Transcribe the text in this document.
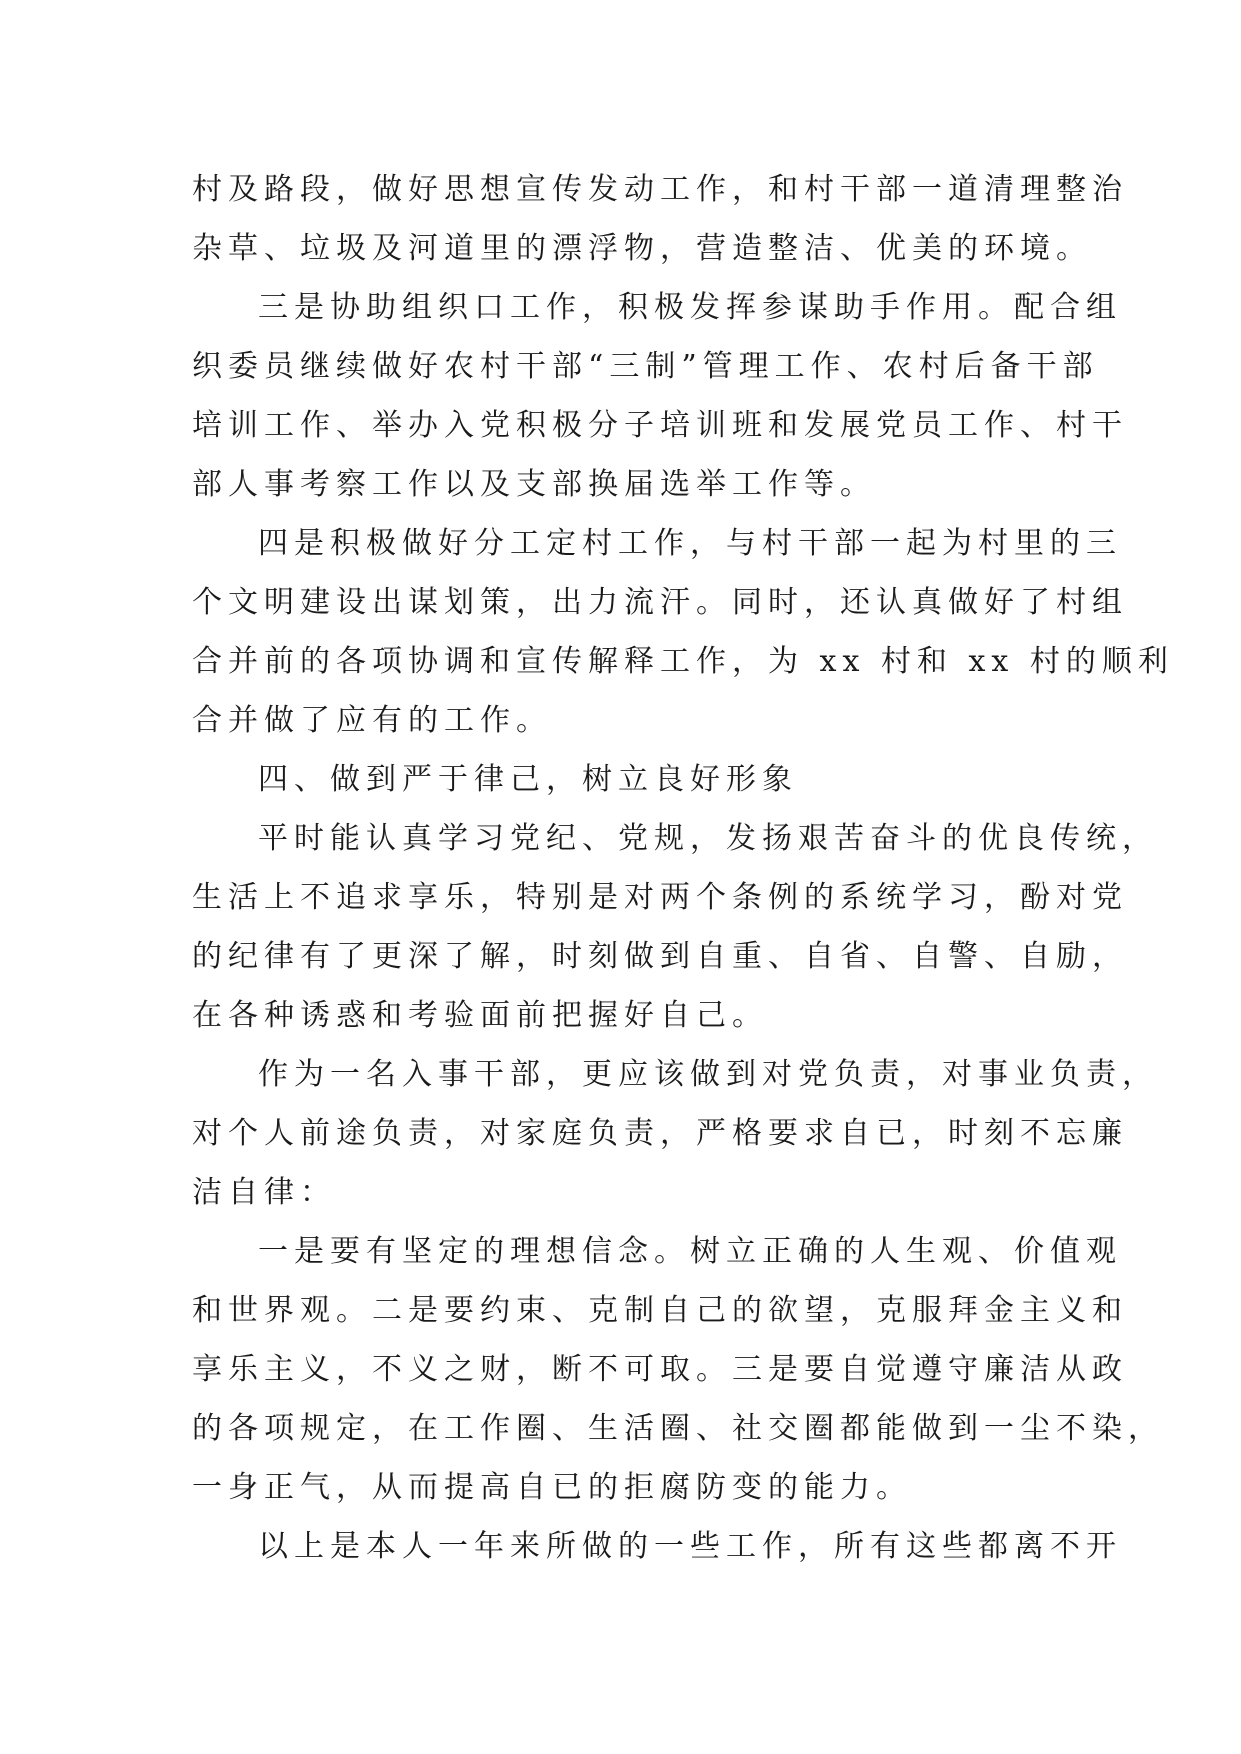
村及路段，做好思想宣传发动工作，和村干部一道清理整治
杂草、垃圾及河道里的漂浮物，营造整洁、优美的环境。
三是协助组织口工作，积极发挥参谋助手作用。配合组
织委员继续做好农村干部“三制”管理工作、农村后备干部
培训工作、举办入党积极分子培训班和发展党员工作、村干
部人事考察工作以及支部换届选举工作等。
四是积极做好分工定村工作，与村干部一起为村里的三
个文明建设出谋划策，出力流汗。同时，还认真做好了村组
合并前的各项协调和宣传解释工作，为 xx 村和 xx 村的顺利
合并做了应有的工作。
四、做到严于律己，树立良好形象
平时能认真学习党纪、党规，发扬艰苦奋斗的优良传统，
生活上不追求享乐，特别是对两个条例的系统学习，酚对党
的纪律有了更深了解，时刻做到自重、自省、自警、自励，
在各种诱惑和考验面前把握好自己。
作为一名入事干部，更应该做到对党负责，对事业负责，
对个人前途负责，对家庭负责，严格要求自已，时刻不忘廉
洁自律：
一是要有坚定的理想信念。树立正确的人生观、价值观
和世界观。二是要约束、克制自己的欲望，克服拜金主义和
享乐主义，不义之财，断不可取。三是要自觉遵守廉洁从政
的各项规定，在工作圈、生活圈、社交圈都能做到一尘不染，
一身正气，从而提高自已的拒腐防变的能力。
以上是本人一年来所做的一些工作，所有这些都离不开
